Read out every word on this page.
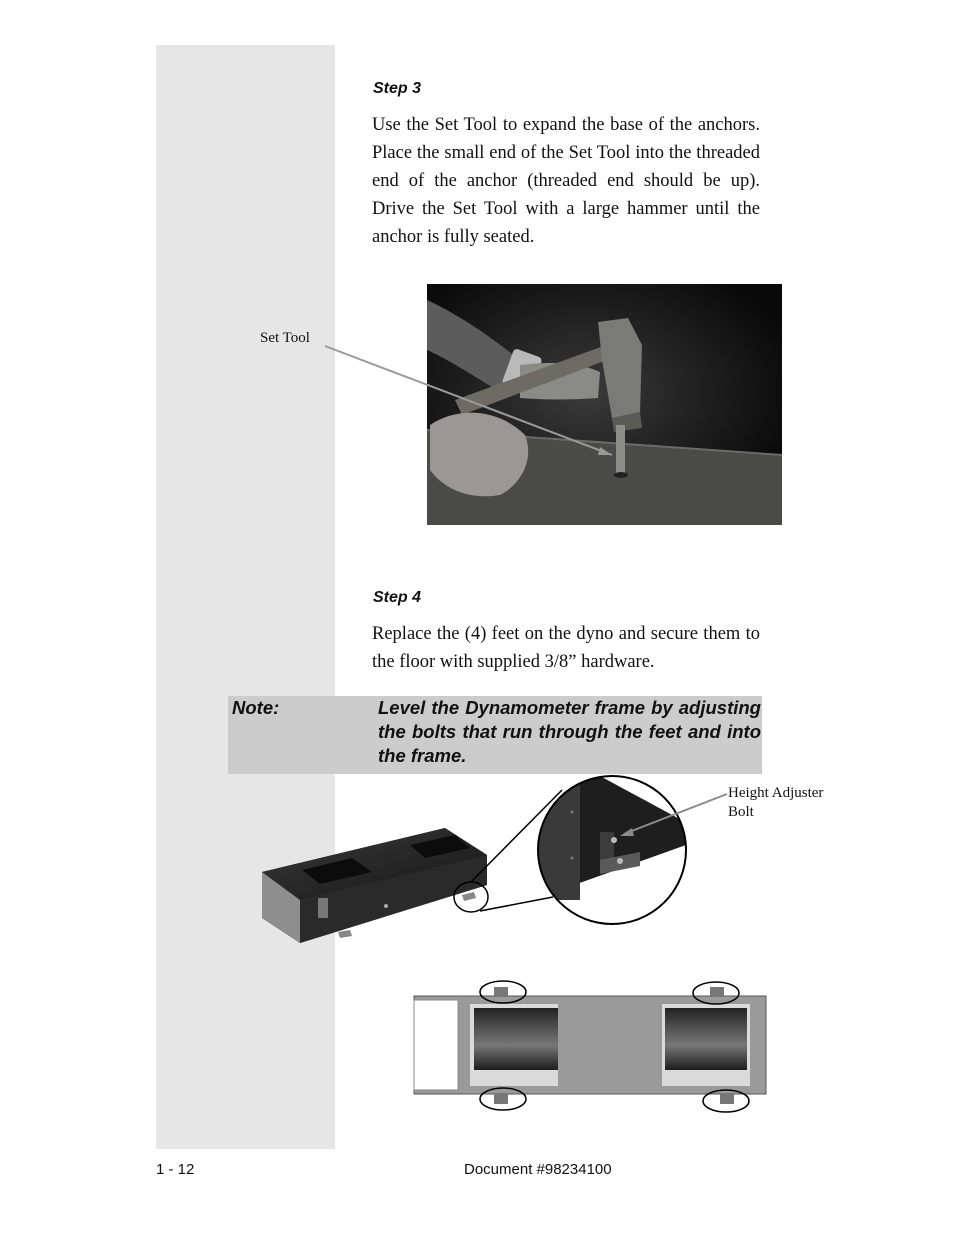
Step 3
Use the Set Tool to expand the base of the anchors. Place the small end of the Set Tool into the threaded end of the anchor (threaded end should be up). Drive the Set Tool with a large hammer until the anchor is fully seated.
Step 4
Replace the (4) feet on the dyno and secure them to the floor with supplied 3/8” hardware.
Note:	Level the Dynamometer frame by adjusting the bolts that run through the feet and into the frame.
Set Tool
Height Adjuster
Bolt
1 - 12	Document #98234100
